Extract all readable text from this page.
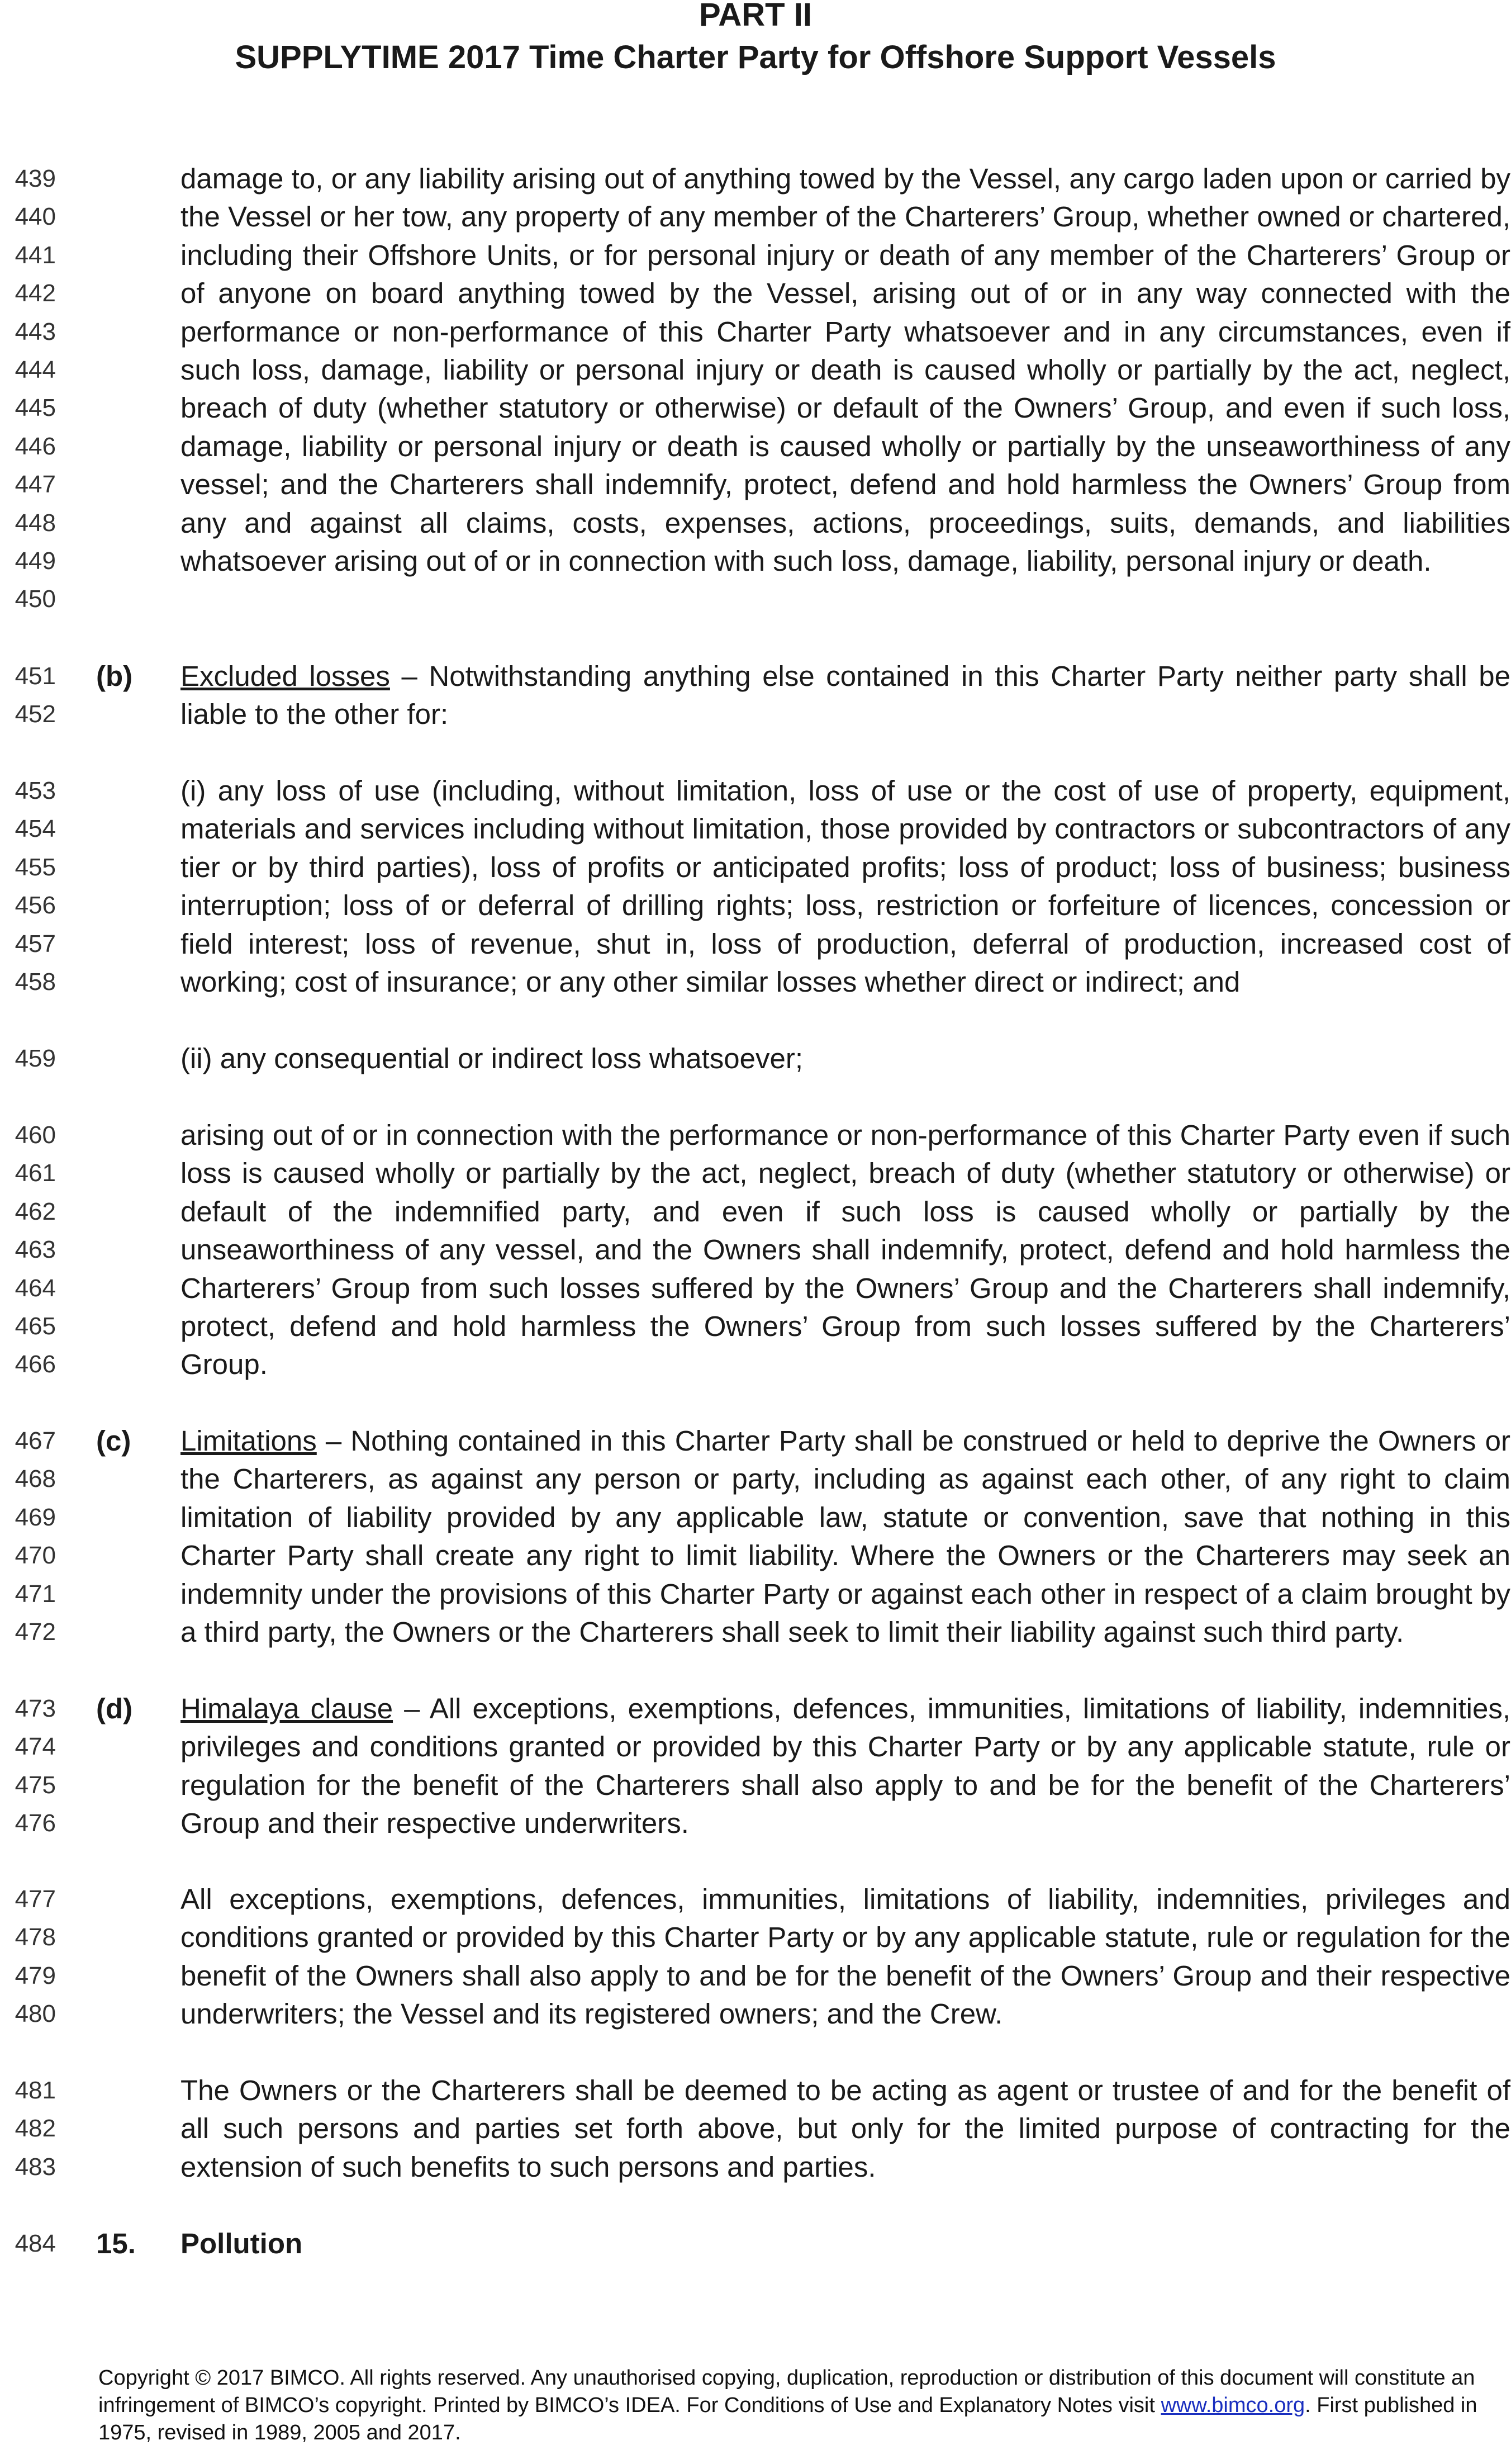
PART II
SUPPLYTIME 2017 Time Charter Party for Offshore Support Vessels
439
440
441
442
443
444
445
446
447
448
449
450
damage to, or any liability arising out of anything towed by the Vessel, any cargo laden upon or carried by the Vessel or her tow, any property of any member of the Charterers’ Group, whether owned or chartered, including their Offshore Units, or for personal injury or death of any member of the Charterers’ Group or of anyone on board anything towed by the Vessel, arising out of or in any way connected with the performance or non-performance of this Charter Party whatsoever and in any circumstances, even if such loss, damage, liability or personal injury or death is caused wholly or partially by the act, neglect, breach of duty (whether statutory or otherwise) or default of the Owners’ Group, and even if such loss, damage, liability or personal injury or death is caused wholly or partially by the unseaworthiness of any vessel; and the Charterers shall indemnify, protect, defend and hold harmless the Owners’ Group from any and against all claims, costs, expenses, actions, proceedings, suits, demands, and liabilities whatsoever arising out of or in connection with such loss, damage, liability, personal injury or death.
451
452
(b) Excluded losses – Notwithstanding anything else contained in this Charter Party neither party shall be liable to the other for:
453
454
455
456
457
458
(i) any loss of use (including, without limitation, loss of use or the cost of use of property, equipment, materials and services including without limitation, those provided by contractors or subcontractors of any tier or by third parties), loss of profits or anticipated profits; loss of product; loss of business; business interruption; loss of or deferral of drilling rights; loss, restriction or forfeiture of licences, concession or field interest; loss of revenue, shut in, loss of production, deferral of production, increased cost of working; cost of insurance; or any other similar losses whether direct or indirect; and
459	(ii) any consequential or indirect loss whatsoever;
460
461
462
463
464
465
466
arising out of or in connection with the performance or non-performance of this Charter Party even if such loss is caused wholly or partially by the act, neglect, breach of duty (whether statutory or otherwise) or default of the indemnified party, and even if such loss is caused wholly or partially by the unseaworthiness of any vessel, and the Owners shall indemnify, protect, defend and hold harmless the Charterers’ Group from such losses suffered by the Owners’ Group and the Charterers shall indemnify, protect, defend and hold harmless the Owners’ Group from such losses suffered by the Charterers’ Group.
467
468
469
470
471
472
(c) Limitations – Nothing contained in this Charter Party shall be construed or held to deprive the Owners or the Charterers, as against any person or party, including as against each other, of any right to claim limitation of liability provided by any applicable law, statute or convention, save that nothing in this Charter Party shall create any right to limit liability. Where the Owners or the Charterers may seek an indemnity under the provisions of this Charter Party or against each other in respect of a claim brought by a third party, the Owners or the Charterers shall seek to limit their liability against such third party.
473
474
475
476
(d) Himalaya clause – All exceptions, exemptions, defences, immunities, limitations of liability, indemnities, privileges and conditions granted or provided by this Charter Party or by any applicable statute, rule or regulation for the benefit of the Charterers shall also apply to and be for the benefit of the Charterers’ Group and their respective underwriters.
477
478
479
480
All exceptions, exemptions, defences, immunities, limitations of liability, indemnities, privileges and conditions granted or provided by this Charter Party or by any applicable statute, rule or regulation for the benefit of the Owners shall also apply to and be for the benefit of the Owners’ Group and their respective underwriters; the Vessel and its registered owners; and the Crew.
481
482
483
The Owners or the Charterers shall be deemed to be acting as agent or trustee of and for the benefit of all such persons and parties set forth above, but only for the limited purpose of contracting for the extension of such benefits to such persons and parties.
484 15. Pollution
Copyright © 2017 BIMCO. All rights reserved. Any unauthorised copying, duplication, reproduction or distribution of this document will constitute an infringement of BIMCO’s copyright. Printed by BIMCO’s IDEA. For Conditions of Use and Explanatory Notes visit www.bimco.org. First published in 1975, revised in 1989, 2005 and 2017.
